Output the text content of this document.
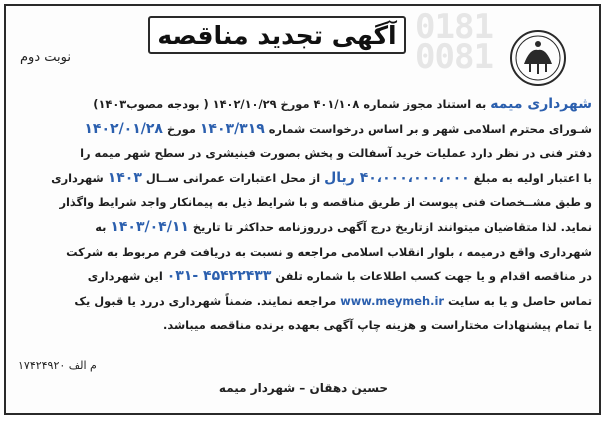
0181
0081
آگهی تجدید مناقصه
نوبت دوم
شهرداری میمه به استناد مجوز شماره ۴۰۱/۱۰۸ مورخ ۱۴۰۲/۱۰/۲۹ ( بودجه مصوب۱۴۰۳)
شـورای محترم اسلامی شهر و بر اساس درخواست شماره ۱۴۰۳/۳۱۹ مورخ ۱۴۰۲/۰۱/۲۸
دفتر فنی در نظر دارد عملیات خرید آسفالت و پخش بصورت فینیشری در سطح شهر میمه را
با اعتبار اولیه به مبلغ ۴۰،۰۰۰،۰۰۰،۰۰۰ ریال از محل اعتبارات عمرانی ســال ۱۴۰۳ شهرداری
و طبق مشــخصات فنی پیوست از طریق مناقصه و با شرایط ذیل به پیمانکار واجد شرایط واگذار
نماید. لذا متقاضیان میتوانند ازتاریخ درج آگهی درروزنامه حداکثر تا تاریخ ۱۴۰۳/۰۴/۱۱ به
شهرداری واقع درمیمه ، بلوار انقلاب اسلامی مراجعه و نسبت به دریافت فرم مربوط به شرکت
در مناقصه اقدام و یا جهت کسب اطلاعات با شماره تلفن ۴۵۴۲۲۴۳۳ -۰۳۱ این شهرداری
تماس حاصل و یا به سایت www.meymeh.ir مراجعه نمایند. ضمناً شهرداری دررد یا قبول یک
یا تمام پیشنهادات مختاراست و هزینه چاپ آگهی بعهده برنده مناقصه میباشد.
م الف ۱۷۴۲۴۹۲۰
حسین دهقان – شهردار میمه
